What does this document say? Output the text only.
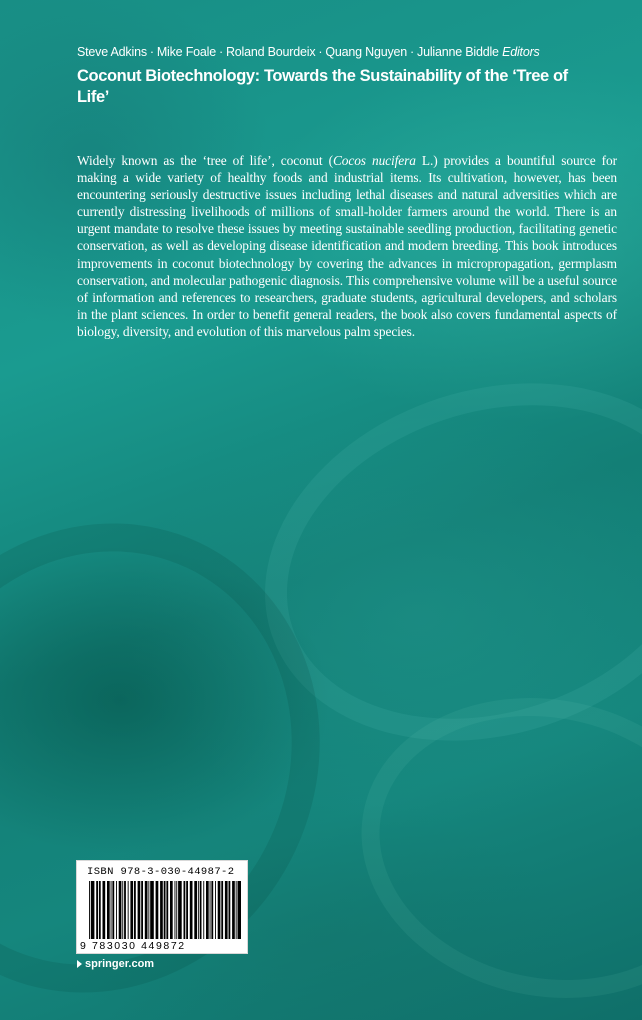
Steve Adkins · Mike Foale · Roland Bourdeix · Quang Nguyen · Julianne Biddle Editors
Coconut Biotechnology: Towards the Sustainability of the ‘Tree of Life’

Widely known as the ‘tree of life’, coconut (Cocos nucifera L.) provides a bountiful source for making a wide variety of healthy foods and industrial items. Its cultivation, however, has been encountering seriously destructive issues including lethal diseases and natural adversities which are currently distressing livelihoods of millions of small-holder farmers around the world. There is an urgent mandate to resolve these issues by meeting sustainable seedling production, facilitating genetic conservation, as well as developing disease identification and modern breeding. This book introduces improvements in coconut biotechnology by covering the advances in micropropagation, germplasm conservation, and molecular pathogenic diagnosis. This comprehensive volume will be a useful source of information and references to researchers, graduate students, agricultural developers, and scholars in the plant sciences. In order to benefit general readers, the book also covers fundamental aspects of biology, diversity, and evolution of this marvelous palm species.

ISBN 978-3-030-44987-2
9 783030 449872
springer.com
